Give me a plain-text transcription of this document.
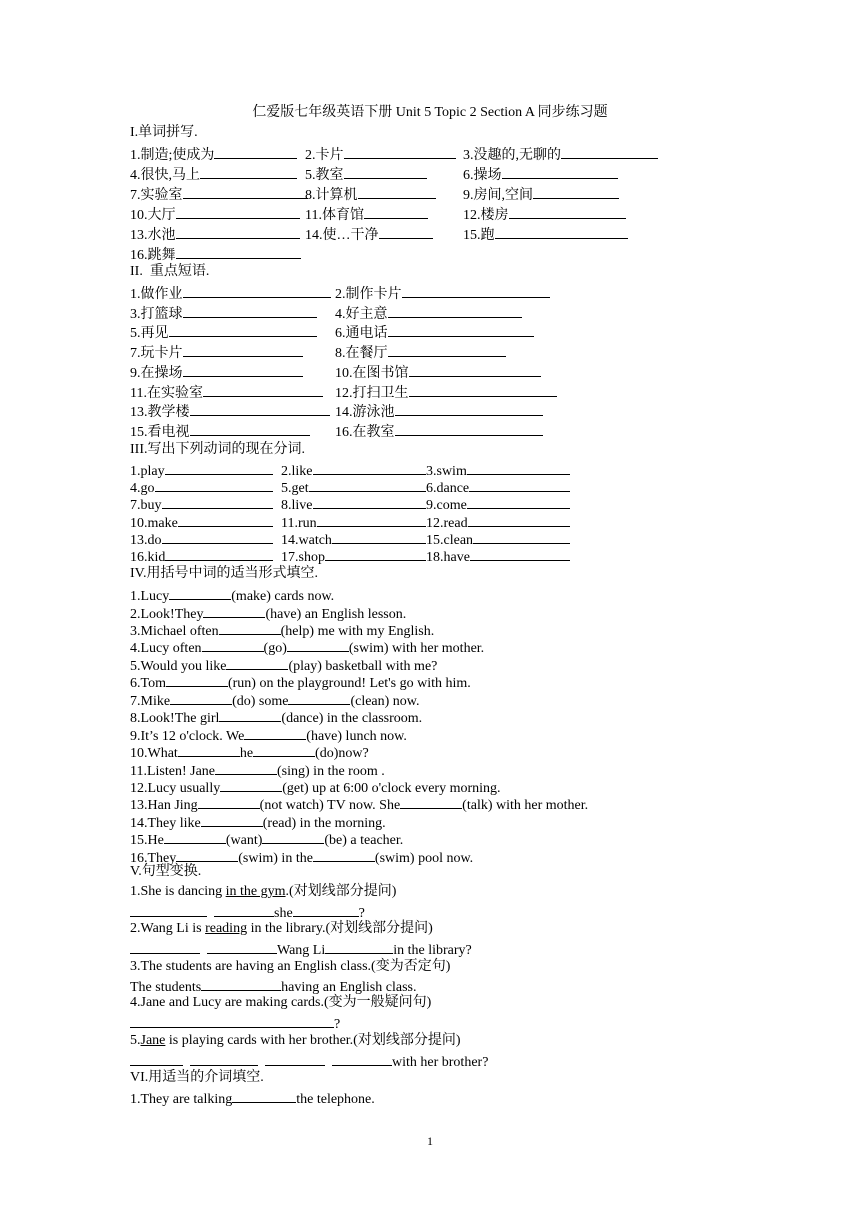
仁爱版七年级英语下册 Unit 5 Topic 2 Section A 同步练习题
I.单词拼写.
1.制造;使成为	2.卡片	3.没趣的,无聊的
4.很快,马上	5.教室	6.操场
7.实验室	8.计算机	9.房间,空间
10.大厅	11.体育馆	12.楼房
13.水池	14.使…干净	15.跑
16.跳舞
II.  重点短语.
1.做作业	2.制作卡片
3.打篮球	4.好主意
5.再见	6.通电话
7.玩卡片	8.在餐厅
9.在操场	10.在图书馆
11.在实验室	12.打扫卫生
13.教学楼	14.游泳池
15.看电视	16.在教室
III.写出下列动词的现在分词.
1.play	2.like	3.swim
4.go	5.get	6.dance
7.buy	8.live	9.come
10.make	11.run	12.read
13.do	14.watch	15.clean
16.kid	17.shop	18.have
IV.用括号中词的适当形式填空.
1.Lucy	(make) cards now.
2.Look!They	(have) an English lesson.
3.Michael often	(help) me with my English.
4.Lucy often	(go)	(swim) with her mother.
5.Would you like	(play) basketball with me?
6.Tom	(run) on the playground! Let's go with him.
7.Mike	(do) some	(clean) now.
8.Look!The girl	(dance) in the classroom.
9.It’s 12 o'clock. We	(have) lunch now.
10.What	he	(do)now?
11.Listen! Jane	(sing) in the room .
12.Lucy usually	(get) up at 6:00 o'clock every morning.
13.Han Jing	(not watch) TV now. She	(talk) with her mother.
14.They like	(read) in the morning.
15.He	(want)	(be) a teacher.
16.They	(swim) in the	(swim) pool now.
V.句型变换.
1.She is dancing in the gym.(对划线部分提问)
she	?
2.Wang Li is reading in the library.(对划线部分提问)
Wang Li	in the library?
3.The students are having an English class.(变为否定句)
The students	having an English class.
4.Jane and Lucy are making cards.(变为一般疑问句)
?
5.Jane is playing cards with her brother.(对划线部分提问)
with her brother?
VI.用适当的介词填空.
1.They are talking	the telephone.
1
